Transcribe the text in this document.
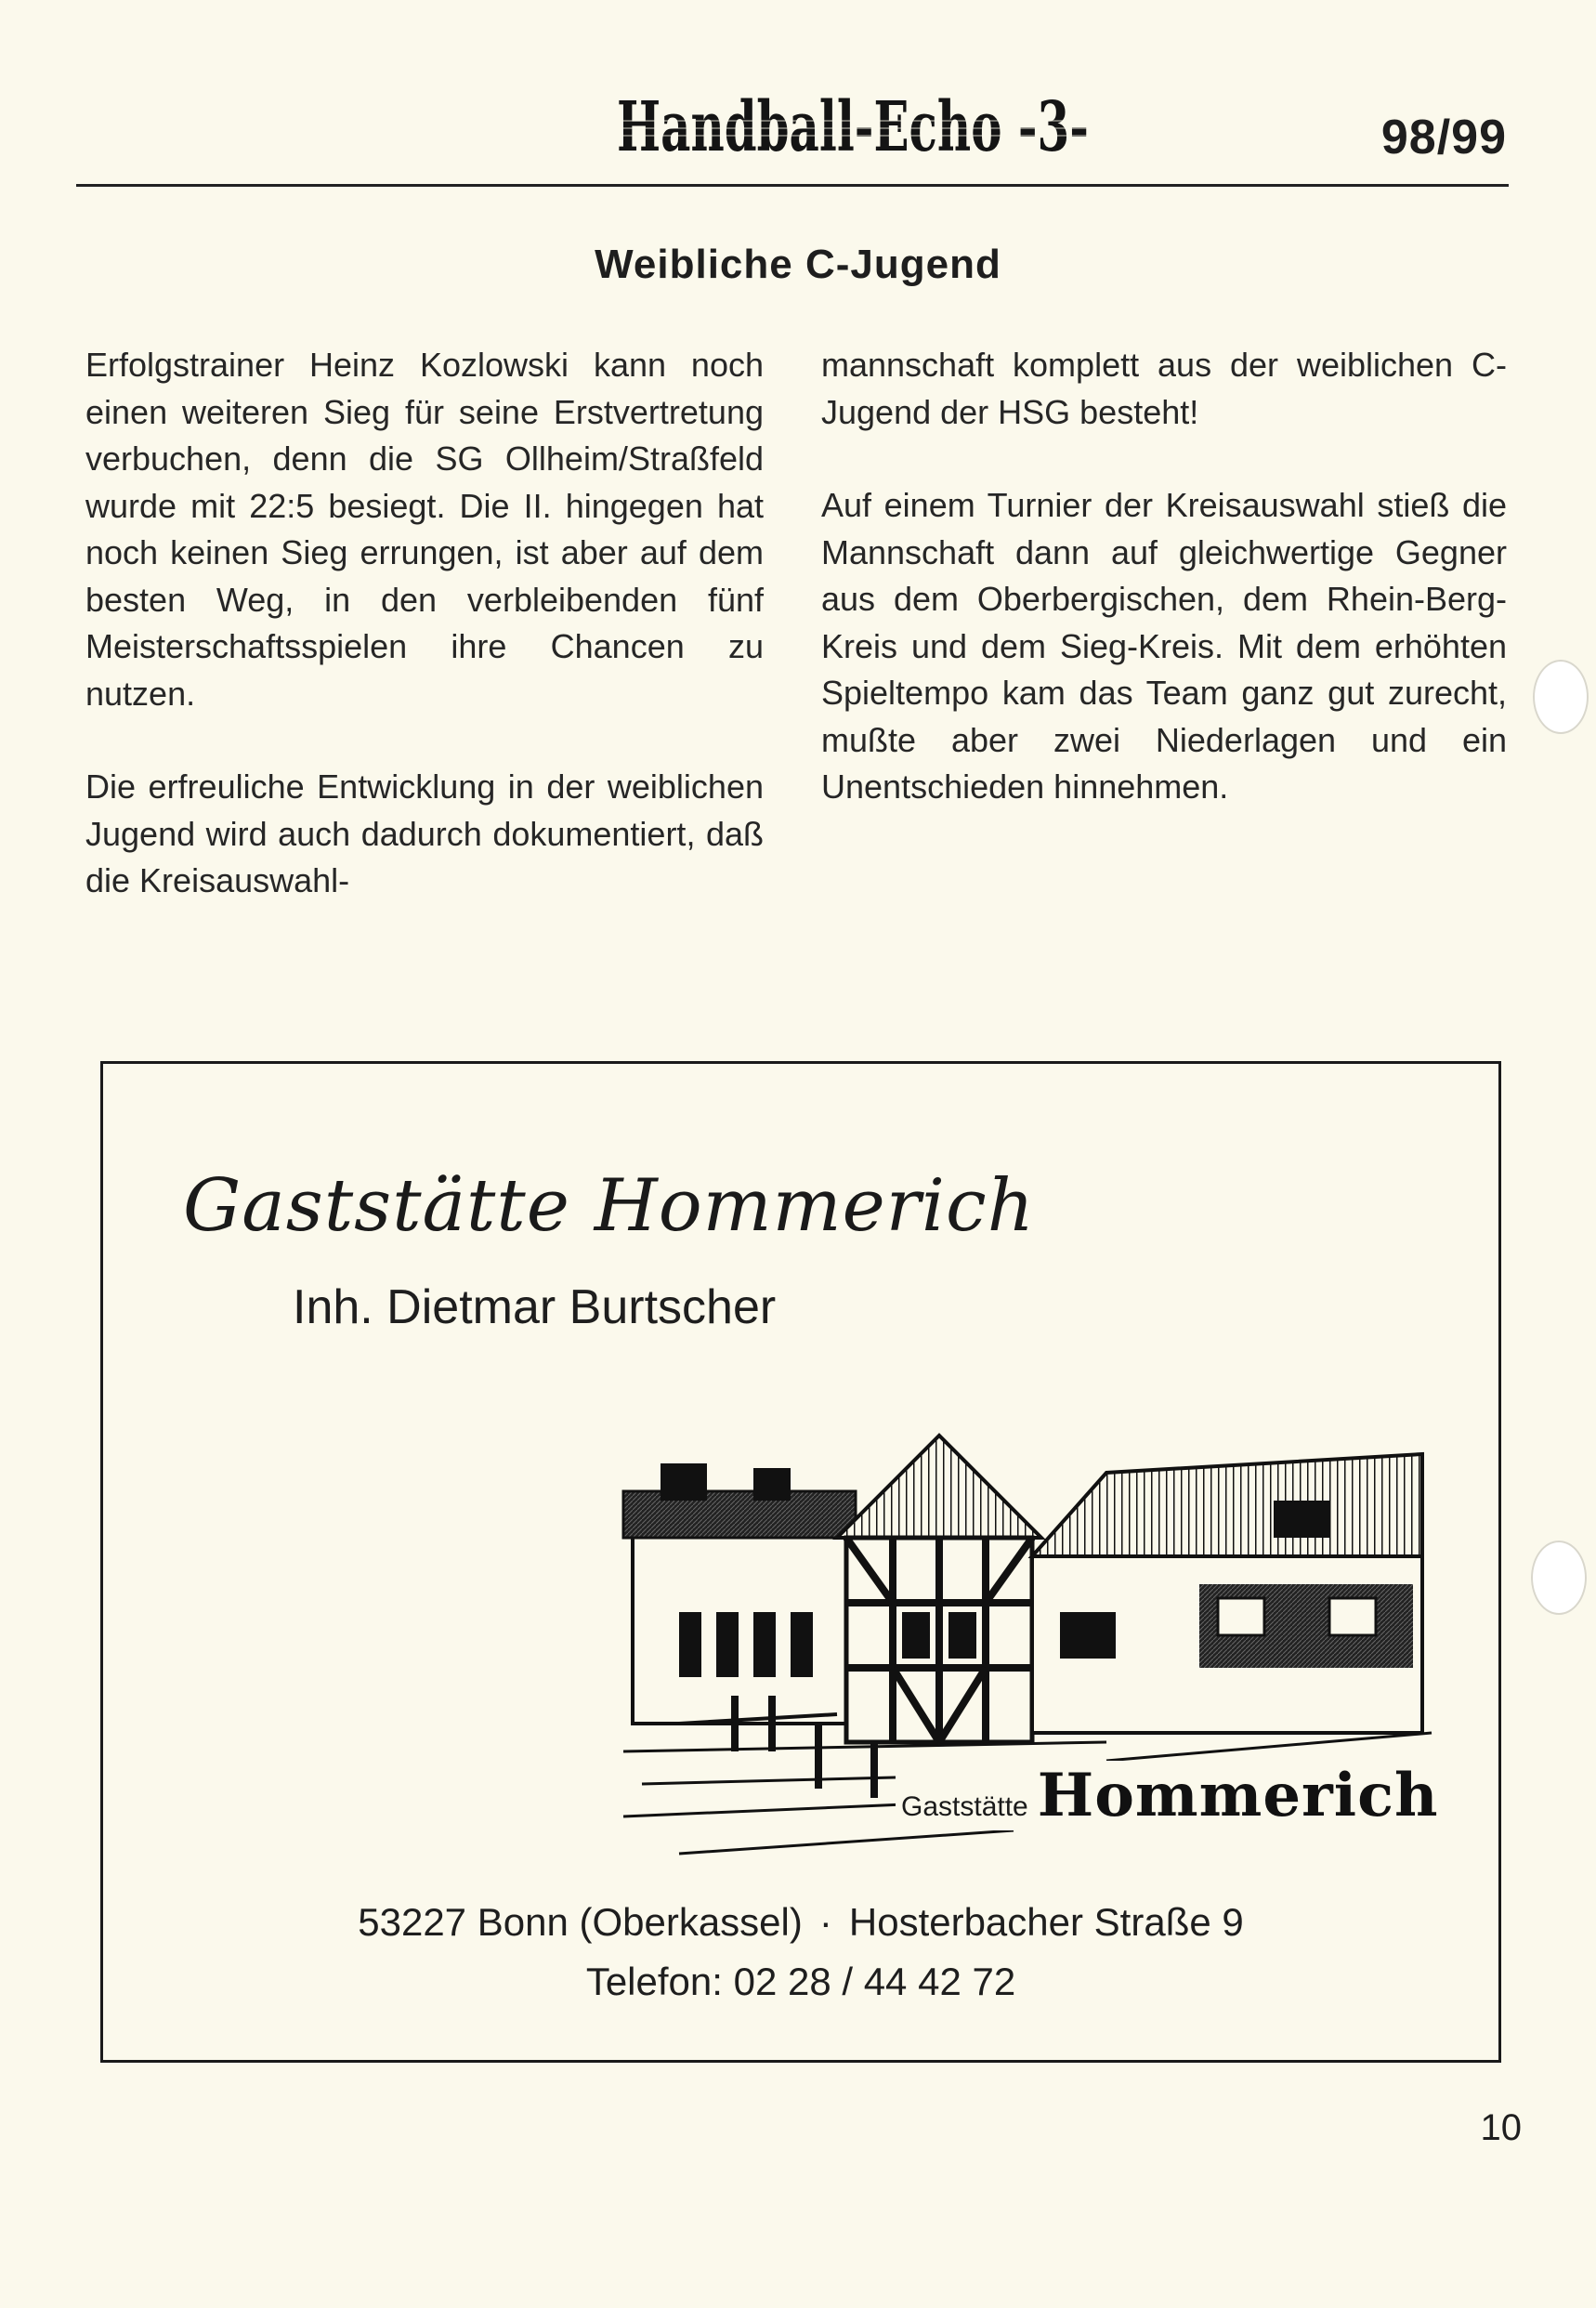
Handball-Echo -3-	98/99
Weibliche C-Jugend

Erfolgstrainer Heinz Kozlowski kann noch einen weiteren Sieg für seine Erstvertretung verbuchen, denn die SG Ollheim/Straßfeld wurde mit 22:5 besiegt. Die II. hingegen hat noch keinen Sieg errungen, ist aber auf dem besten Weg, in den verbleibenden fünf Meisterschaftsspielen ihre Chancen zu nutzen.

Die erfreuliche Entwicklung in der weiblichen Jugend wird auch dadurch dokumentiert, daß die Kreisauswahl-

mannschaft komplett aus der weiblichen C-Jugend der HSG besteht!

Auf einem Turnier der Kreisauswahl stieß die Mannschaft dann auf gleichwertige Gegner aus dem Oberbergischen, dem Rhein-Berg-Kreis und dem Sieg-Kreis. Mit dem erhöhten Spieltempo kam das Team ganz gut zurecht, mußte aber zwei Niederlagen und ein Unentschieden hinnehmen.

Gaststätte Hommerich
Inh. Dietmar Burtscher
Gaststätte Hommerich
53227 Bonn (Oberkassel) · Hosterbacher Straße 9
Telefon: 02 28 / 44 42 72
10
